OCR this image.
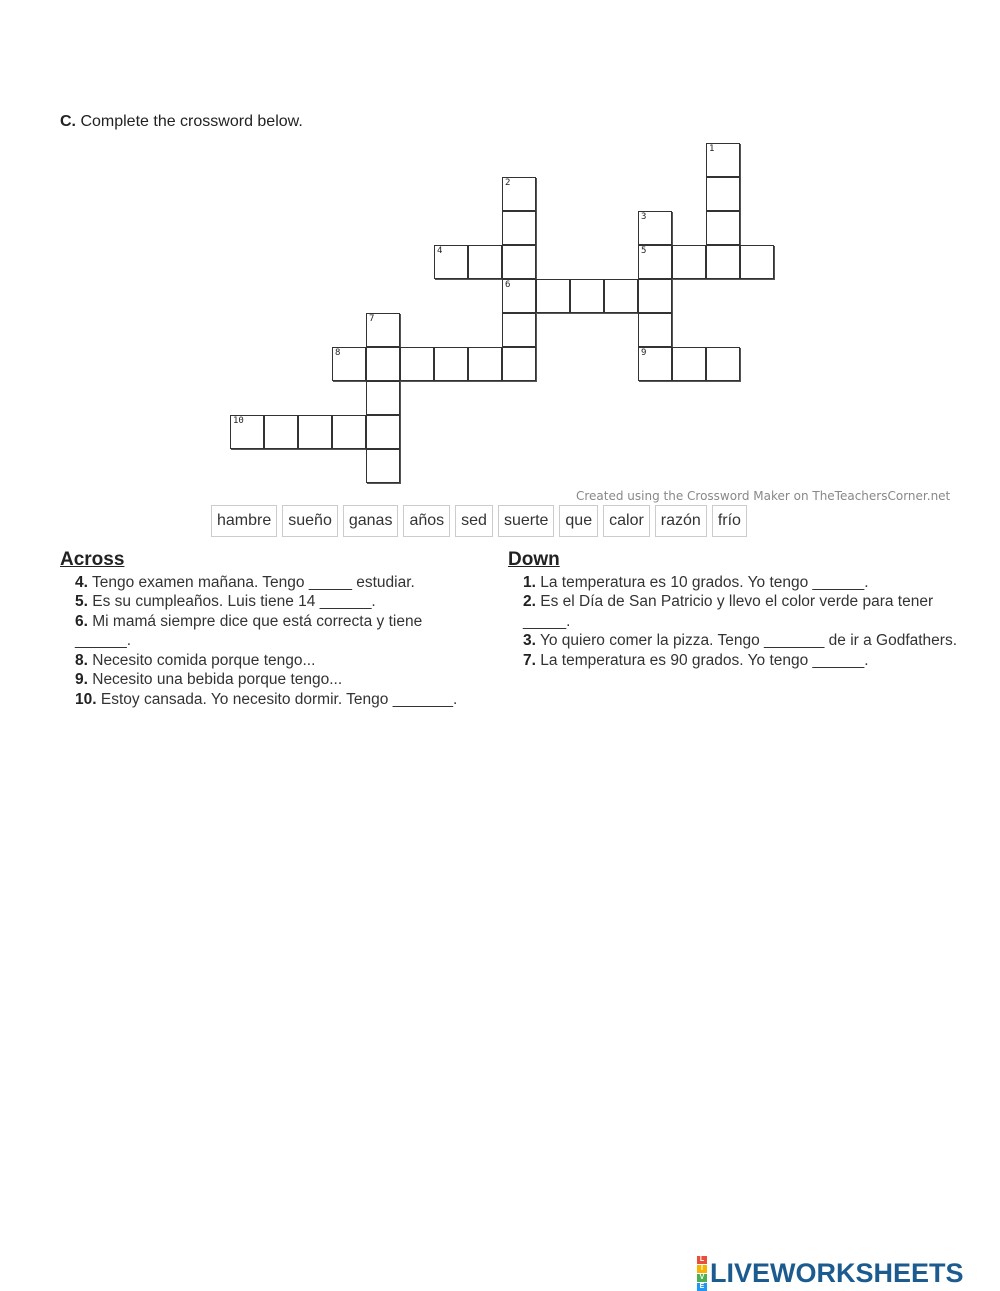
C. Complete the crossword below.
1
2
3
4	5
6
7
8	9
10
Created using the Crossword Maker on TheTeachersCorner.net
hambre	sueño	ganas	años	sed	suerte	que	calor	razón	frío
Across
4. Tengo examen mañana. Tengo _____ estudiar.
5. Es su cumpleaños. Luis tiene 14 ______.
6. Mi mamá siempre dice que está correcta y tiene ______.
8. Necesito comida porque tengo...
9. Necesito una bebida porque tengo...
10. Estoy cansada. Yo necesito dormir. Tengo _______.
Down
1. La temperatura es 10 grados. Yo tengo ______.
2. Es el Día de San Patricio y llevo el color verde para tener _____.
3. Yo quiero comer la pizza. Tengo _______ de ir a Godfathers.
7. La temperatura es 90 grados. Yo tengo ______.
L
I
V
E LIVEWORKSHEETS
